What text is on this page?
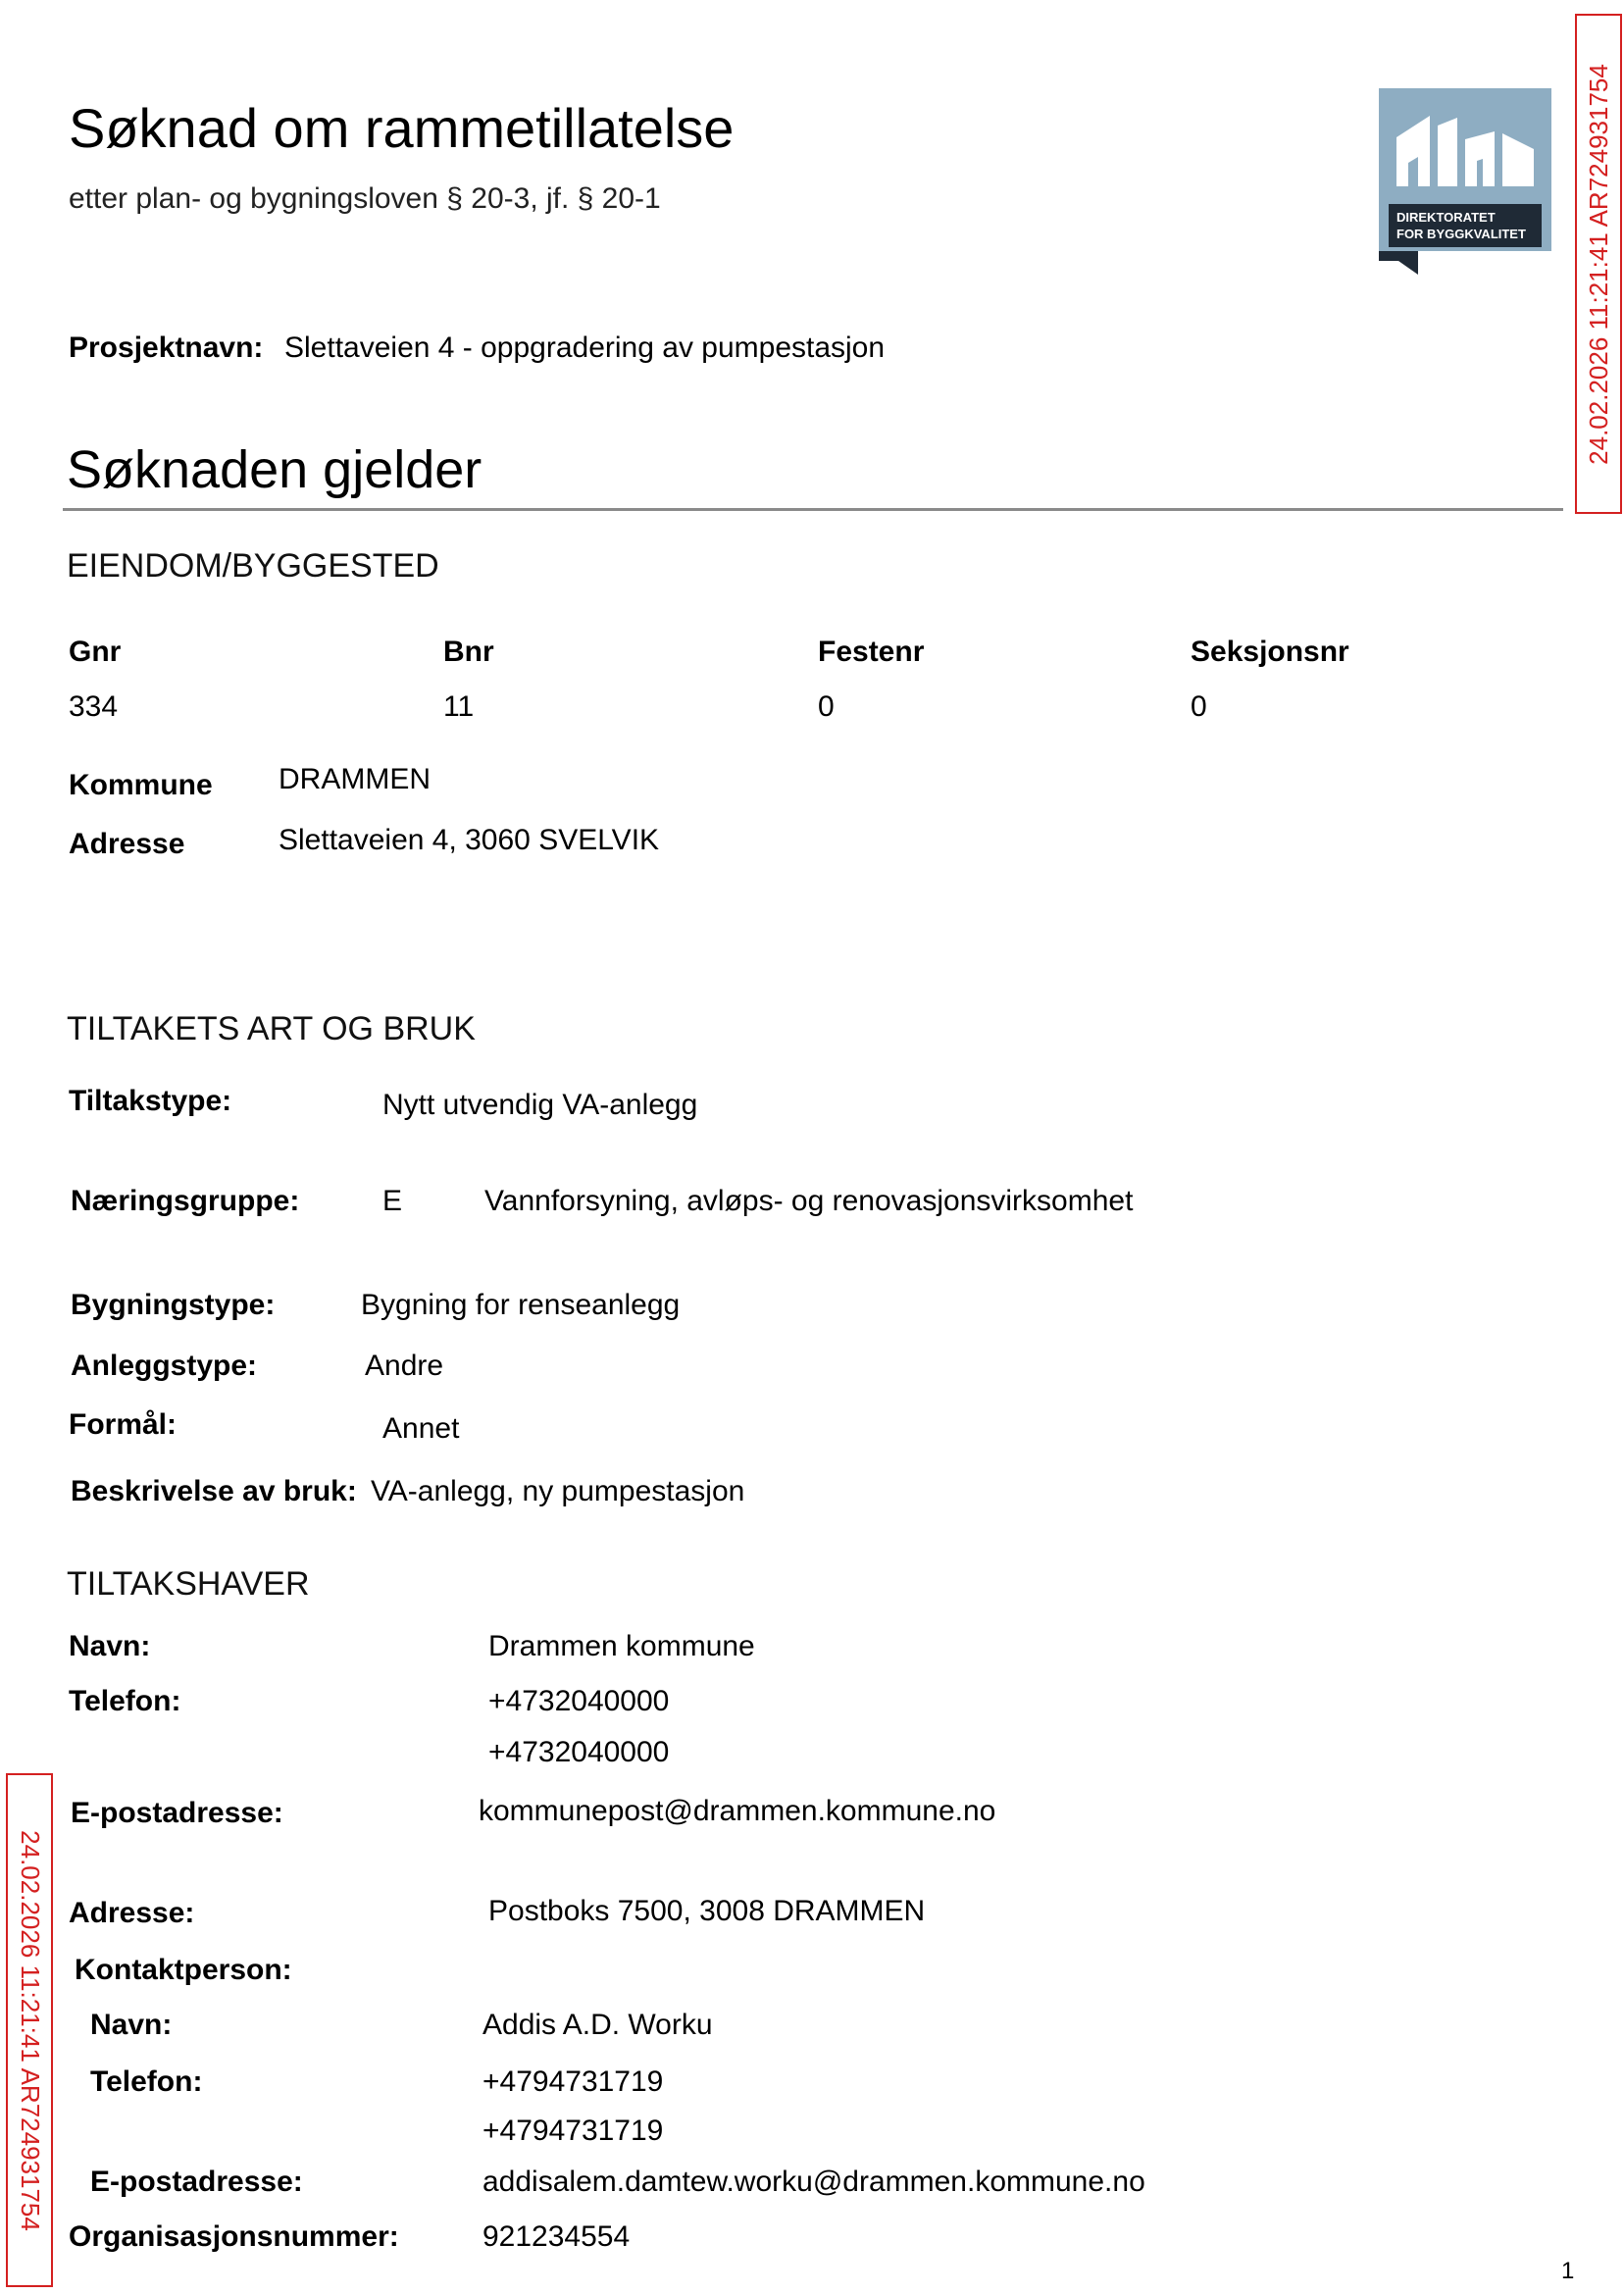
Søknad om rammetillatelse
etter plan- og bygningsloven § 20-3, jf. § 20-1
DIREKTORATET
FOR BYGGKVALITET
Prosjektnavn: Slettaveien 4 - oppgradering av pumpestasjon
Søknaden gjelder
EIENDOM/BYGGESTED
Gnr	Bnr	Festenr	Seksjonsnr
334	11	0	0
Kommune DRAMMEN
Adresse	Slettaveien 4, 3060 SVELVIK
TILTAKETS ART OG BRUK
Tiltakstype:	Nytt utvendig VA-anlegg
Næringsgruppe:	E	Vannforsyning, avløps- og renovasjonsvirksomhet
Bygningstype:	Bygning for renseanlegg
Anleggstype:	Andre
Formål:	Annet
Beskrivelse av bruk: VA-anlegg, ny pumpestasjon
TILTAKSHAVER
Navn:	Drammen kommune
Telefon:	+4732040000
+4732040000
E-postadresse:	kommunepost@drammen.kommune.no
Adresse:	Postboks 7500, 3008 DRAMMEN
Kontaktperson:
Navn:	Addis A.D. Worku
Telefon:	+4794731719
+4794731719
E-postadresse:	addisalem.damtew.worku@drammen.kommune.no
Organisasjonsnummer:	921234554
24.02.2026 11:21:41 AR724931754
24.02.2026 11:21:41 AR724931754
1
